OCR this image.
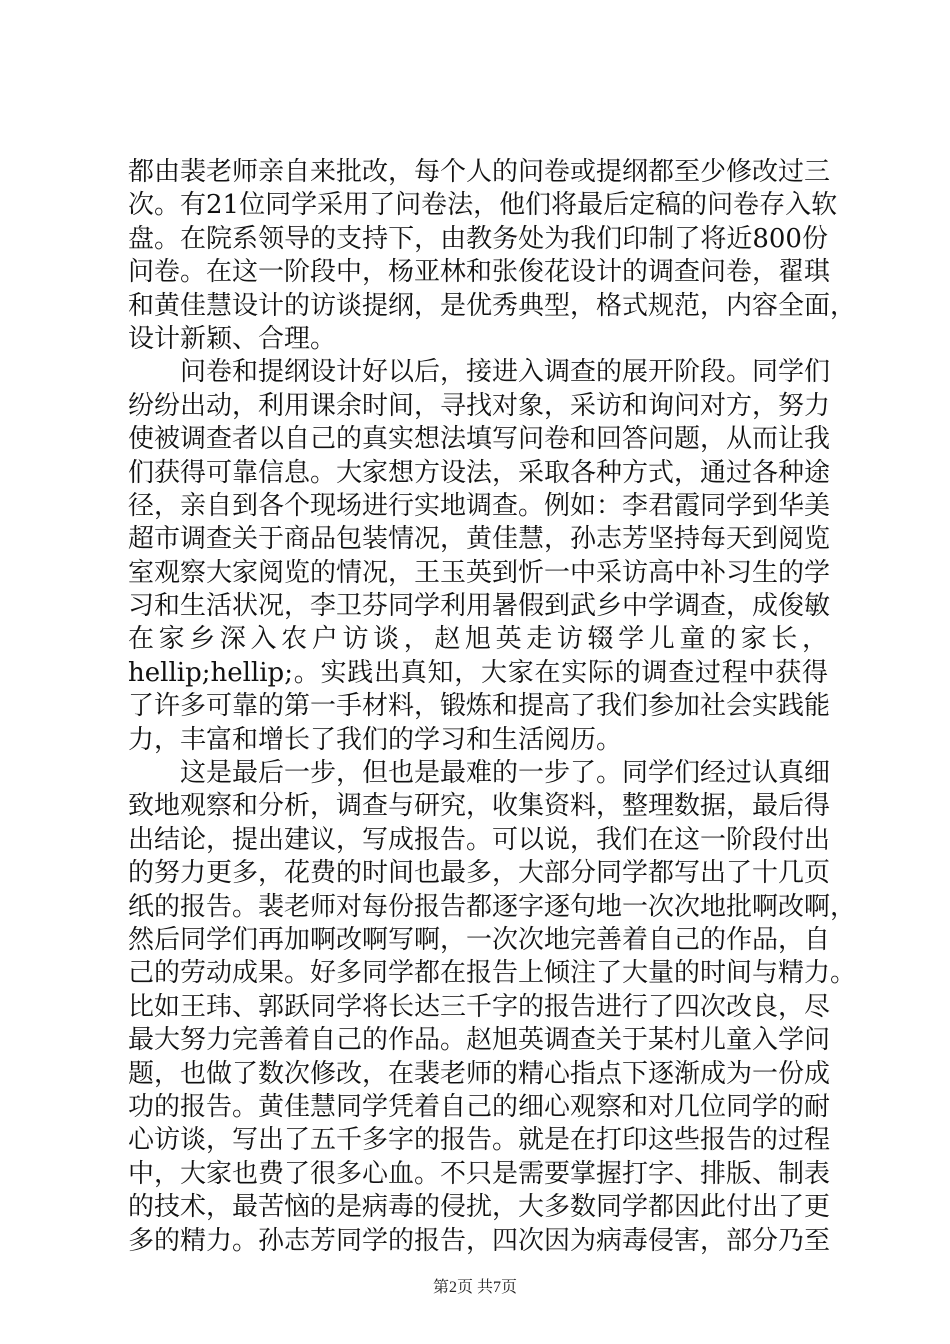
都由裴老师亲自来批改，每个人的问卷或提纲都至少修改过三
次。有21位同学采用了问卷法，他们将最后定稿的问卷存入软
盘。在院系领导的支持下，由教务处为我们印制了将近800份
问卷。在这一阶段中，杨亚林和张俊花设计的调查问卷，翟琪
和黄佳慧设计的访谈提纲，是优秀典型，格式规范，内容全面，
设计新颖、合理。
　　问卷和提纲设计好以后，接进入调查的展开阶段。同学们
纷纷出动，利用课余时间，寻找对象，采访和询问对方，努力
使被调查者以自己的真实想法填写问卷和回答问题，从而让我
们获得可靠信息。大家想方设法，采取各种方式，通过各种途
径，亲自到各个现场进行实地调查。例如：李君霞同学到华美
超市调查关于商品包装情况，黄佳慧，孙志芳坚持每天到阅览
室观察大家阅览的情况，王玉英到忻一中采访高中补习生的学
习和生活状况，李卫芬同学利用暑假到武乡中学调查，成俊敏
在家乡深入农户访谈，赵旭英走访辍学儿童的家长，
hellip;hellip;。实践出真知，大家在实际的调查过程中获得
了许多可靠的第一手材料，锻炼和提高了我们参加社会实践能
力，丰富和增长了我们的学习和生活阅历。
　　这是最后一步，但也是最难的一步了。同学们经过认真细
致地观察和分析，调查与研究，收集资料，整理数据，最后得
出结论，提出建议，写成报告。可以说，我们在这一阶段付出
的努力更多，花费的时间也最多，大部分同学都写出了十几页
纸的报告。裴老师对每份报告都逐字逐句地一次次地批啊改啊，
然后同学们再加啊改啊写啊，一次次地完善着自己的作品，自
己的劳动成果。好多同学都在报告上倾注了大量的时间与精力。
比如王玮、郭跃同学将长达三千字的报告进行了四次改良，尽
最大努力完善着自己的作品。赵旭英调查关于某村儿童入学问
题，也做了数次修改，在裴老师的精心指点下逐渐成为一份成
功的报告。黄佳慧同学凭着自己的细心观察和对几位同学的耐
心访谈，写出了五千多字的报告。就是在打印这些报告的过程
中，大家也费了很多心血。不只是需要掌握打字、排版、制表
的技术，最苦恼的是病毒的侵扰，大多数同学都因此付出了更
多的精力。孙志芳同学的报告，四次因为病毒侵害，部分乃至
第2页 共7页
